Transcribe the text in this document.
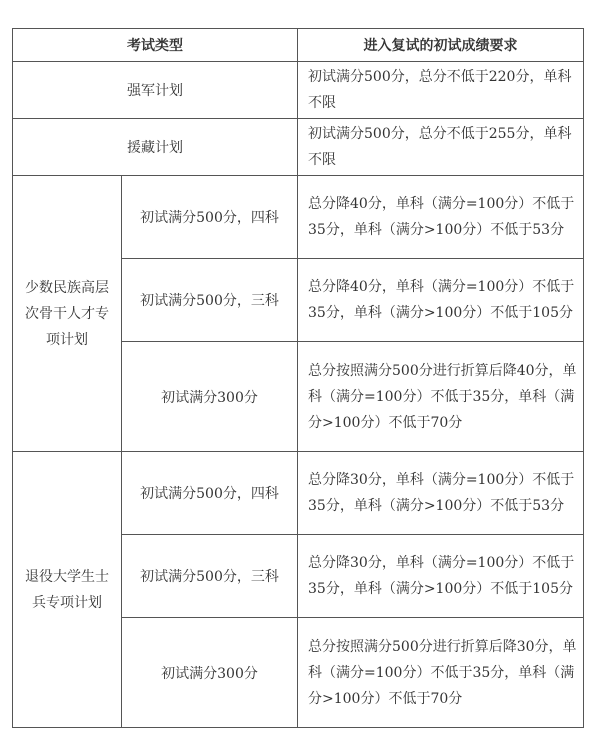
考试类型		进入复试的初试成绩要求
强军计划		初试满分500分，总分不低于220分，单科不限
援藏计划		初试满分500分，总分不低于255分，单科不限
少数民族高层次骨干人才专项计划	初试满分500分，四科	总分降40分，单科（满分=100分）不低于35分，单科（满分>100分）不低于53分
	初试满分500分，三科	总分降40分，单科（满分=100分）不低于35分，单科（满分>100分）不低于105分
	初试满分300分	总分按照满分500分进行折算后降40分，单科（满分=100分）不低于35分，单科（满分>100分）不低于70分
退役大学生士兵专项计划	初试满分500分，四科	总分降30分，单科（满分=100分）不低于35分，单科（满分>100分）不低于53分
	初试满分500分，三科	总分降30分，单科（满分=100分）不低于35分，单科（满分>100分）不低于105分
	初试满分300分	总分按照满分500分进行折算后降30分，单科（满分=100分）不低于35分，单科（满分>100分）不低于70分
